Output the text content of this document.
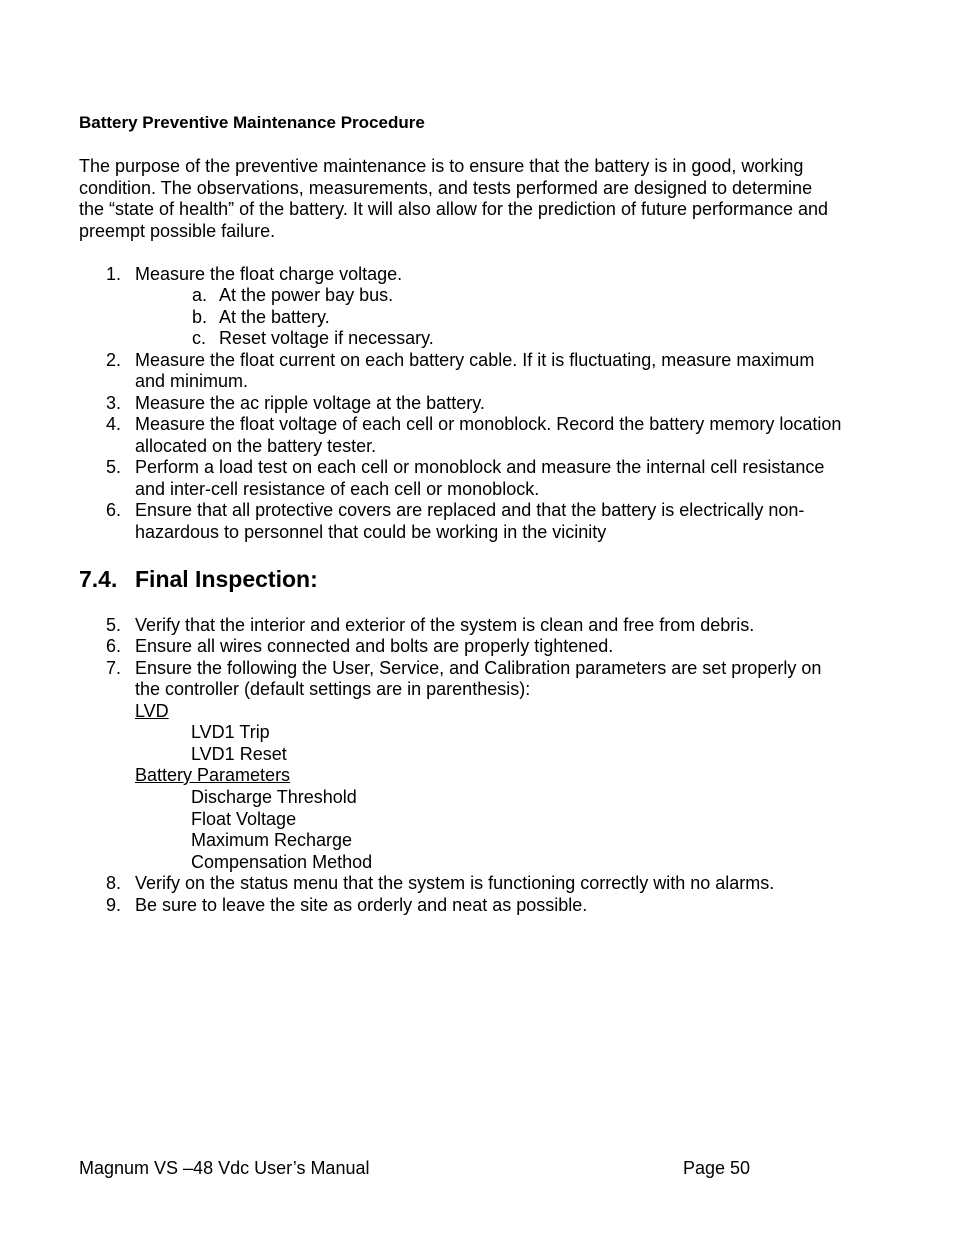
Battery Preventive Maintenance Procedure
The purpose of the preventive maintenance is to ensure that the battery is in good, working
condition. The observations, measurements, and tests performed are designed to determine
the “state of health” of the battery. It will also allow for the prediction of future performance and
preempt possible failure.
1. Measure the float charge voltage.
a. At the power bay bus.
b. At the battery.
c. Reset voltage if necessary.
2. Measure the float current on each battery cable. If it is fluctuating, measure maximum
and minimum.
3. Measure the ac ripple voltage at the battery.
4. Measure the float voltage of each cell or monoblock. Record the battery memory location
allocated on the battery tester.
5. Perform a load test on each cell or monoblock and measure the internal cell resistance
and inter-cell resistance of each cell or monoblock.
6. Ensure that all protective covers are replaced and that the battery is electrically non-
hazardous to personnel that could be working in the vicinity
7.4. Final Inspection:
5. Verify that the interior and exterior of the system is clean and free from debris.
6. Ensure all wires connected and bolts are properly tightened.
7. Ensure the following the User, Service, and Calibration parameters are set properly on
the controller (default settings are in parenthesis):
LVD
LVD1 Trip
LVD1 Reset
Battery Parameters
Discharge Threshold
Float Voltage
Maximum Recharge
Compensation Method
8. Verify on the status menu that the system is functioning correctly with no alarms.
9. Be sure to leave the site as orderly and neat as possible.
Magnum VS –48 Vdc User’s Manual	Page 50
